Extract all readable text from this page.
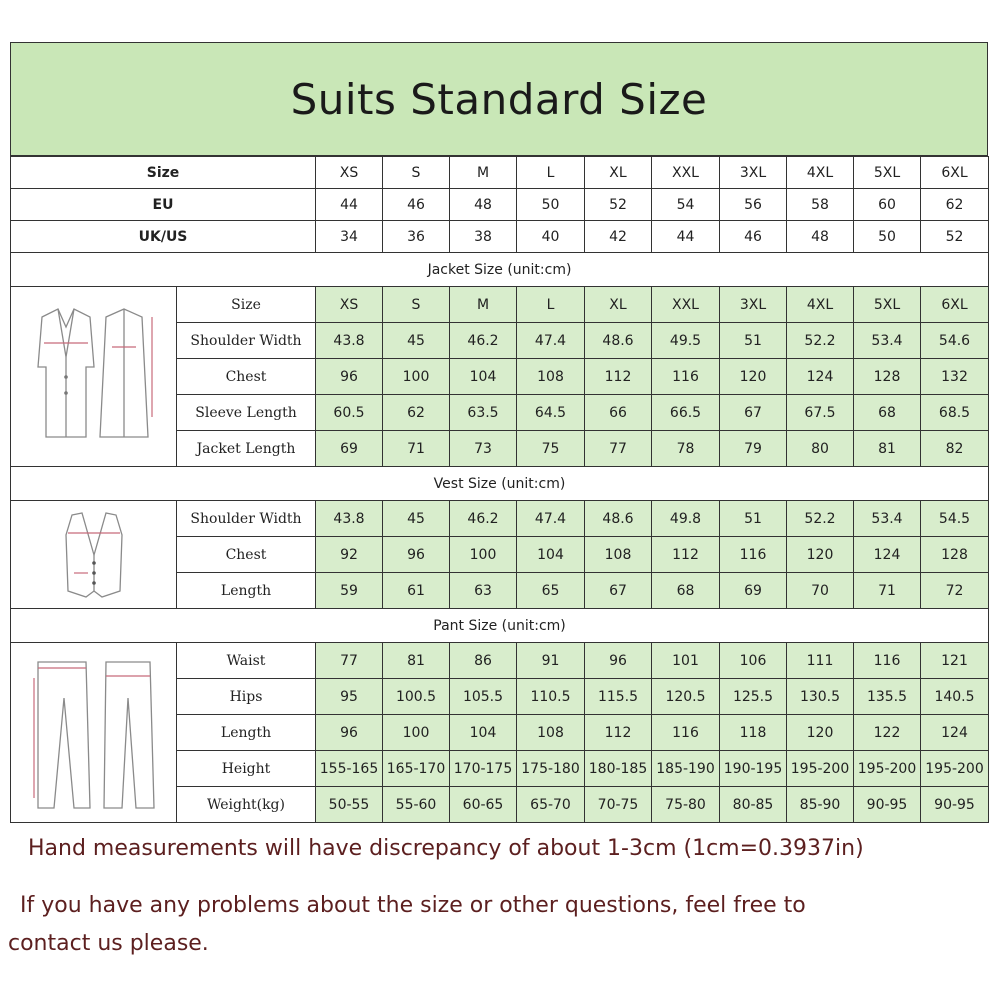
Suits Standard Size
Size		XS	S	M	L	XL	XXL	3XL	4XL	5XL	6XL
EU		44	46	48	50	52	54	56	58	60	62
UK/US		34	36	38	40	42	44	46	48	50	52
Jacket Size (unit:cm)											

	Size	XS	S	M	L	XL	XXL	3XL	4XL	5XL	6XL
	Shoulder Width	43.8	45	46.2	47.4	48.6	49.5	51	52.2	53.4	54.6
	Chest	96	100	104	108	112	116	120	124	128	132
	Sleeve Length	60.5	62	63.5	64.5	66	66.5	67	67.5	68	68.5
	Jacket Length	69	71	73	75	77	78	79	80	81	82
Vest Size (unit:cm)											

	Shoulder Width	43.8	45	46.2	47.4	48.6	49.8	51	52.2	53.4	54.5
	Chest	92	96	100	104	108	112	116	120	124	128
	Length	59	61	63	65	67	68	69	70	71	72
Pant Size (unit:cm)											

	Waist	77	81	86	91	96	101	106	111	116	121
	Hips	95	100.5	105.5	110.5	115.5	120.5	125.5	130.5	135.5	140.5
	Length	96	100	104	108	112	116	118	120	122	124
	Height	155-165	165-170	170-175	175-180	180-185	185-190	190-195	195-200	195-200	195-200
	Weight(kg)	50-55	55-60	60-65	65-70	70-75	75-80	80-85	85-90	90-95	90-95
Hand measurements will have discrepancy of about 1-3cm (1cm=0.3937in)
If you have any problems about the size or other questions, feel free to
contact us please.
